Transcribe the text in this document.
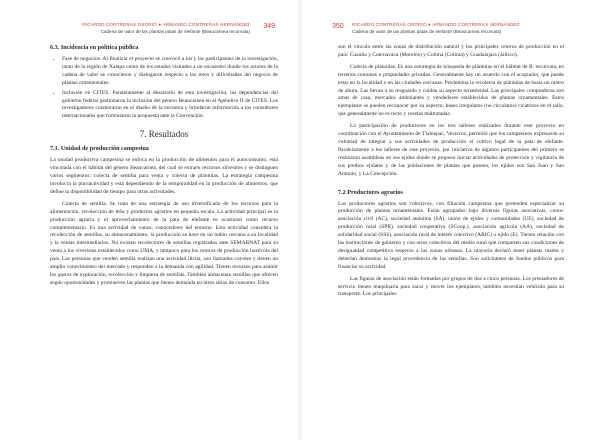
RICARDO CONTRERAS OSORIO ● ARMANDO CONTRERAS HERNÁNDEZ
Cadena de valor de las plantas patas de elefante (Beaucarnea recurvata)
349
6.3. Incidencia en política pública
• Fase de negocios. Al finalizar el proyecto se convocó a los y las participantes de la investigación, tanto de la región de Xalapa como de los estados visitados a un encuentro donde los actores de la cadena de valor se conocieron y dialogaron respecto a los retos y dificultades del negocio de plantas ornamentales.
• Inclusión en CITES. Paralelamente al desarrollo de esta investigación, las dependencias del gobierno federal gestionaron la inclusión del género Beaucarnea en el Apéndice II de CITES. Los investigadores colaboraron en el diseño de la encuesta y brindaron información a los consultores internacionales que formularon la propuesta ante la Convención.
7. Resultados
7.1. Unidad de producción campesina

La unidad productiva campesina se enfoca en la producción de alimentos para el autoconsumo, está vinculada con el hábitat del género Beaucarnea, del cual se extraen recursos silvestres y se distinguen varios segmentos: colecta de semilla para venta y colecta de plántulas. La estrategia campesina involucra la pluriactividad y está dependiendo de la temporalidad en la producción de alimentos, que define la disponibilidad de tiempo para otras actividades.

Colecta de semilla. Se trata de una estrategia de uso diversificado de los recursos para la alimentación, recolección de leña y productos agrarios en pequeña escala. La actividad principal es la producción agraria y el aprovechamiento de la pata de elefante es ocasional como recurso complementario. Es una actividad de vanos, conocedores del entorno. Esta actividad considera la recolección de semillas, su almacenamiento, la producción se hace en un redón cercano a su localidad y la ventas intermediarios. No existen recolectores de semillas registrados ante SEMARNAT para su venta a los viveristas establecidos como UMA, y tampoco para los centros de producción hortícola del país. Las personas que venden semilla realizan una actividad ilícita, son llamados coyotes y tienen un amplio conocimiento del mercado y responden a la demanda con agilidad. Tienen recursos para asumir los gastos de exploración, recolección y limpieza de semillas. También almacenan semillas que ofrecen según oportunidades y promueven las plantas que tienen demanda en otros sitios de consumo. Ellos

350 RICARDO CONTRERAS OSORIO ● ARMANDO CONTRERAS HERNÁNDEZ
Cadena de valor de las plantas patas de elefante (Beaucarnea recurvata)

son el vínculo entre las zonas de distribución natural y los principales centros de producción en el país: Cuautla y Cuernavaca (Morelos) y Colima (Colima) y Guadalajara (Jalisco).

Colecta de plántulas. Es una estrategia de búsqueda de plántulas en el hábitat de B. recurvata, en terrenos comunes o propiedades privadas. Generalmente hay un acuerdo con el acopiador, que puede estar en la localidad o en las ciudades cercanas. Predomina la recolecta de plántulas de hasta un metro de altura. Las llevan a su resguardo y cuidan su aspecto ornamental. Las principales compradoras son amas de casa, mercados ambulantes y vendedores establecidos de plantas ornamentales. Estos ejemplares se pueden reconocer por su aspecto: bases irregulares (no circulares) cicatrices en el tallo, que generalmente no es recto y rosetas maltratadas.

La participación de productores en los tres talleres realizados durante este proyecto en coordinación con el Ayuntamiento de Tlalnepac, Veracruz, permitió que los campesinos expresaran su voluntad de integrar a sus actividades de producción el cultivo legal de la pata de elefante. Paralelamente a los talleres de este proyecto, por iniciativa de algunos participantes del primero se realizaron asambleas en sus ejidos donde se propuso iniciar actividades de protección y vigilancia de sus predios ejidales y de las poblaciones de plantas que poseen, los ejidos son San Juan y San Antonio, y La Concepción.

7.2 Productores agrarios

Los productores agrarios son colectivos, con filiación campesina que pretenden especializar su producción de plantas ornamentales. Están agrupados bajo diversas figuras asociativas, como: asociación civil (AC), sociedad anónima (SA), unión de ejidos y comunidades (UE), sociedad de producción rural (SPR), sociedad cooperativa (SCoop.), asociación agrícola (AA), sociedad de solidaridad social (SSS), asociación rural de interés colectivo (ARIC) o ejido (E). Tienen relación con las instituciones de gobierno y con otros colectivos del medio rural que comparten sus condiciones de desigualdad competitiva respecto a las zonas urbanas. La mayoría declaró tener plantas madre y deberían demostrar la legal procedencia de las semillas. Son solicitantes de fondos públicos para financiar su actividad.

Las figuras de asociación están formadas por grupos de dos a cinco personas. Los prestadores de servicio tienen maquinaria para sacar y mover los ejemplares, también necesitan vehículo para su transporte. Los principales
